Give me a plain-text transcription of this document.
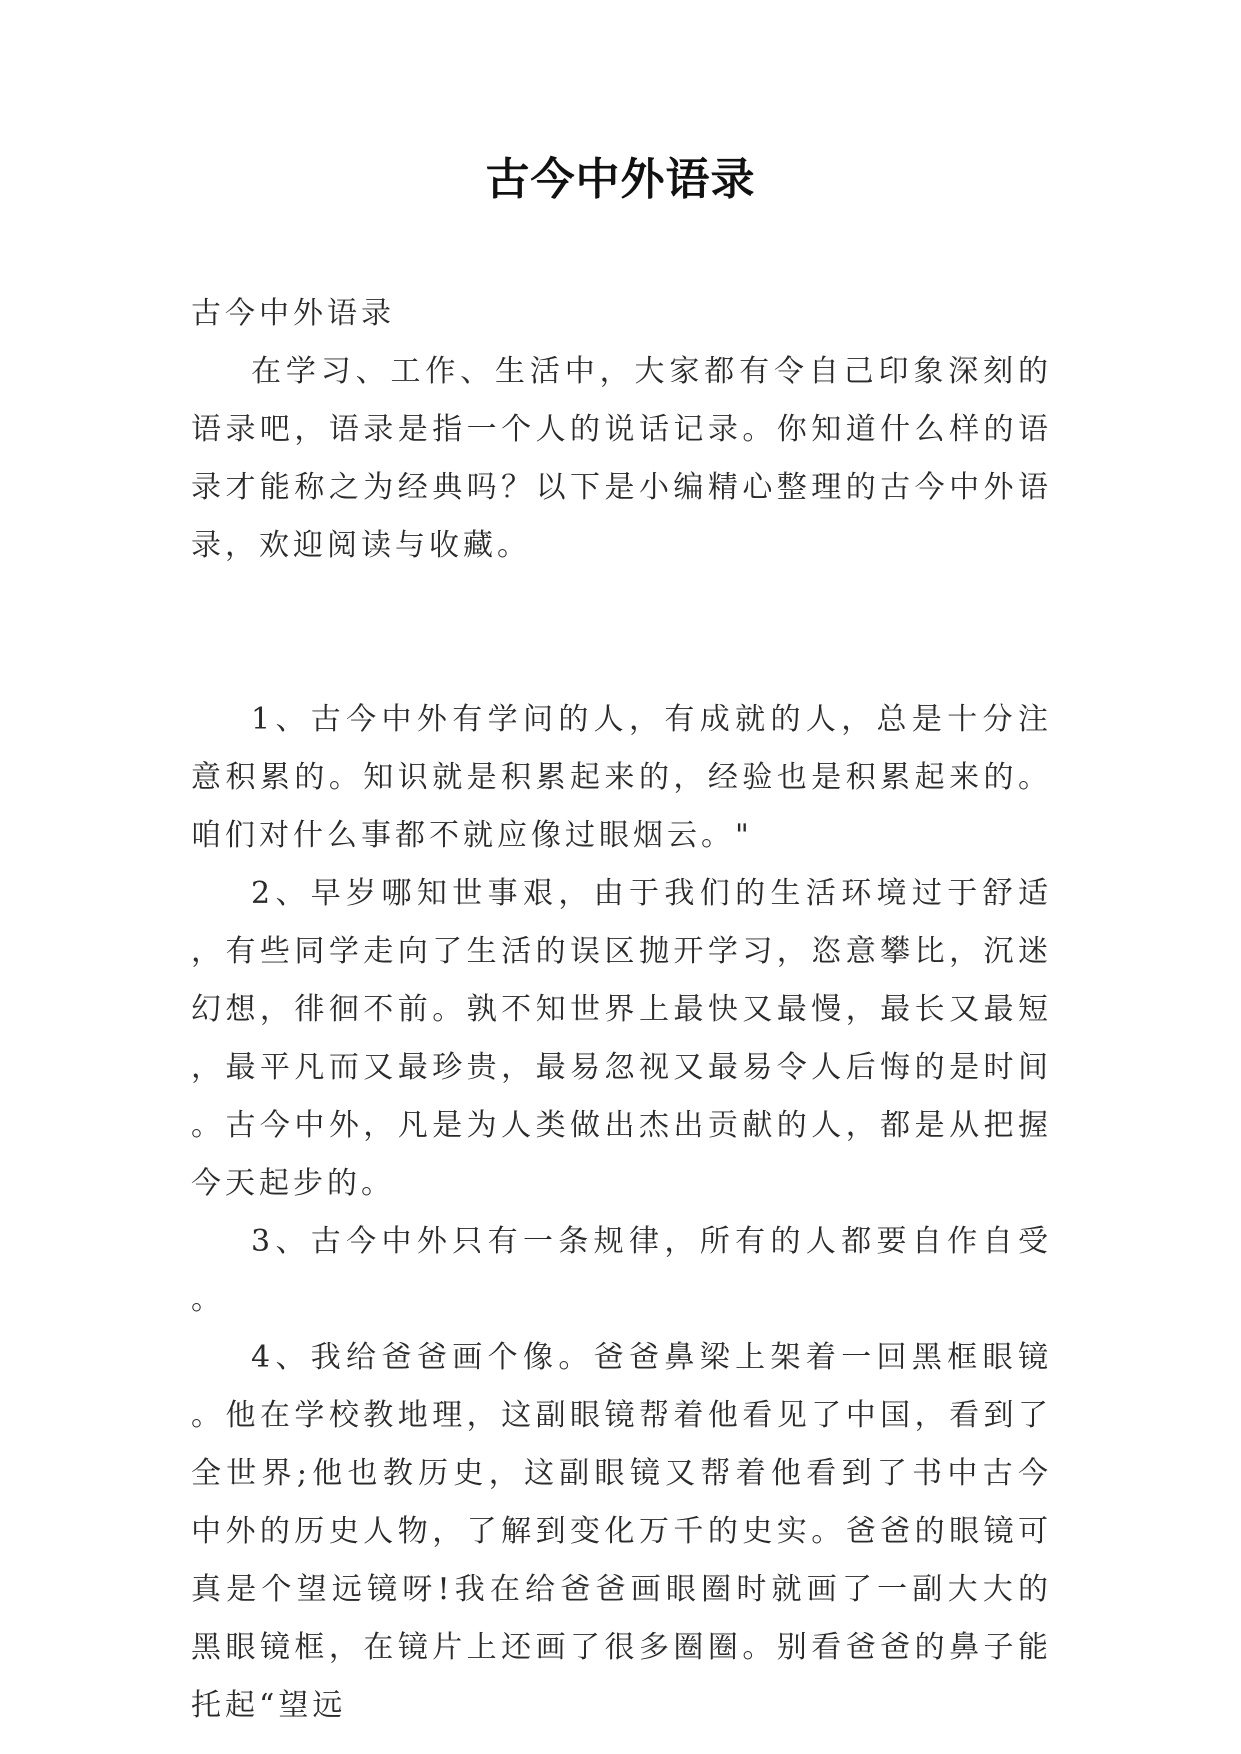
古今中外语录

古今中外语录

在学习、工作、生活中，大家都有令自己印象深刻的语录吧，语录是指一个人的说话记录。你知道什么样的语录才能称之为经典吗？以下是小编精心整理的古今中外语录，欢迎阅读与收藏。

1、古今中外有学问的人，有成就的人，总是十分注意积累的。知识就是积累起来的，经验也是积累起来的。咱们对什么事都不就应像过眼烟云。"

2、早岁哪知世事艰，由于我们的生活环境过于舒适，有些同学走向了生活的误区抛开学习，恣意攀比，沉迷幻想，徘徊不前。孰不知世界上最快又最慢，最长又最短，最平凡而又最珍贵，最易忽视又最易令人后悔的是时间。古今中外，凡是为人类做出杰出贡献的人，都是从把握今天起步的。

3、古今中外只有一条规律，所有的人都要自作自受。

4、我给爸爸画个像。爸爸鼻梁上架着一回黑框眼镜。他在学校教地理，这副眼镜帮着他看见了中国，看到了全世界;他也教历史，这副眼镜又帮着他看到了书中古今中外的历史人物，了解到变化万千的史实。爸爸的眼镜可真是个望远镜呀!我在给爸爸画眼圈时就画了一副大大的黑眼镜框，在镜片上还画了很多圈圈。别看爸爸的鼻子能托起“望远
